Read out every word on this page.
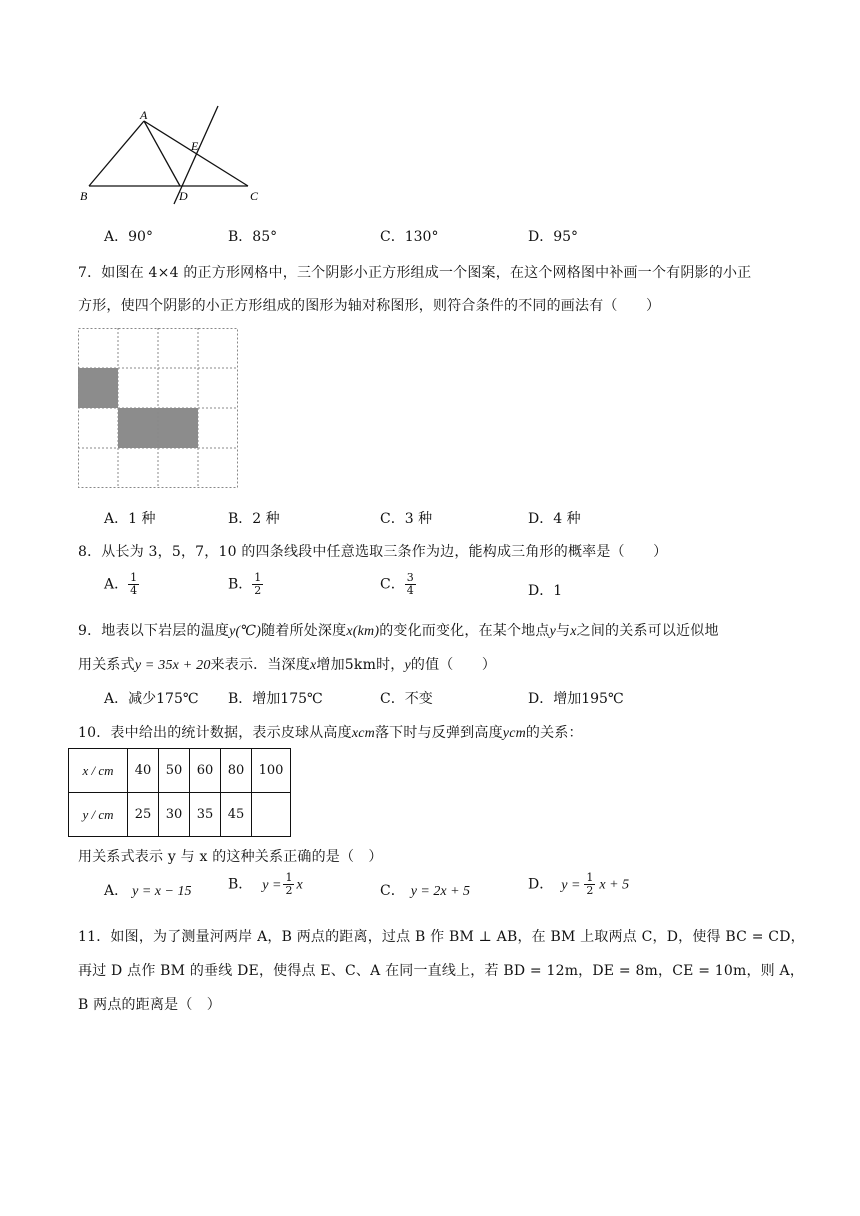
A
B	C
D
E
A．90°	B．85°	C．130°	D．95°
7．如图在 4×4 的正方形网格中，三个阴影小正方形组成一个图案，在这个网格图中补画一个有阴影的小正
方形，使四个阴影的小正方形组成的图形为轴对称图形，则符合条件的不同的画法有（　　）
A．1 种	B．2 种	C．3 种	D．4 种
8．从长为 3，5，7，10 的四条线段中任意选取三条作为边，能构成三角形的概率是（　　）
A． $\frac{1}{4}$	B． $\frac{1}{2}$	C． $\frac{3}{4}$	D．1
9．地表以下岩层的温度y(℃)随着所处深度x(km)的变化而变化，在某个地点y与x之间的关系可以近似地
用关系式y = 35x + 20来表示．当深度x增加5km时，y的值（　　）
A．减少175℃ B．增加175℃	C．不变	D．增加195℃
10．表中给出的统计数据，表示皮球从高度xcm落下时与反弹到高度ycm的关系：
x / cm	40	50	60	80	100
y / cm	25	30	35	45	
用关系式表示 y 与 x 的这种关系正确的是（　）
A． y = x − 15	B． $y = \frac{1}{2}$ x	C． y = 2x + 5	D． $y = \frac{1}{2}$ x + 5
11．如图，为了测量河两岸 A，B 两点的距离，过点 B 作 BM ⊥ AB，在 BM 上取两点 C，D，使得 BC = CD，
再过 D 点作 BM 的垂线 DE，使得点 E、C、A 在同一直线上，若 BD = 12m，DE = 8m，CE = 10m，则 A，
B 两点的距离是（　）
